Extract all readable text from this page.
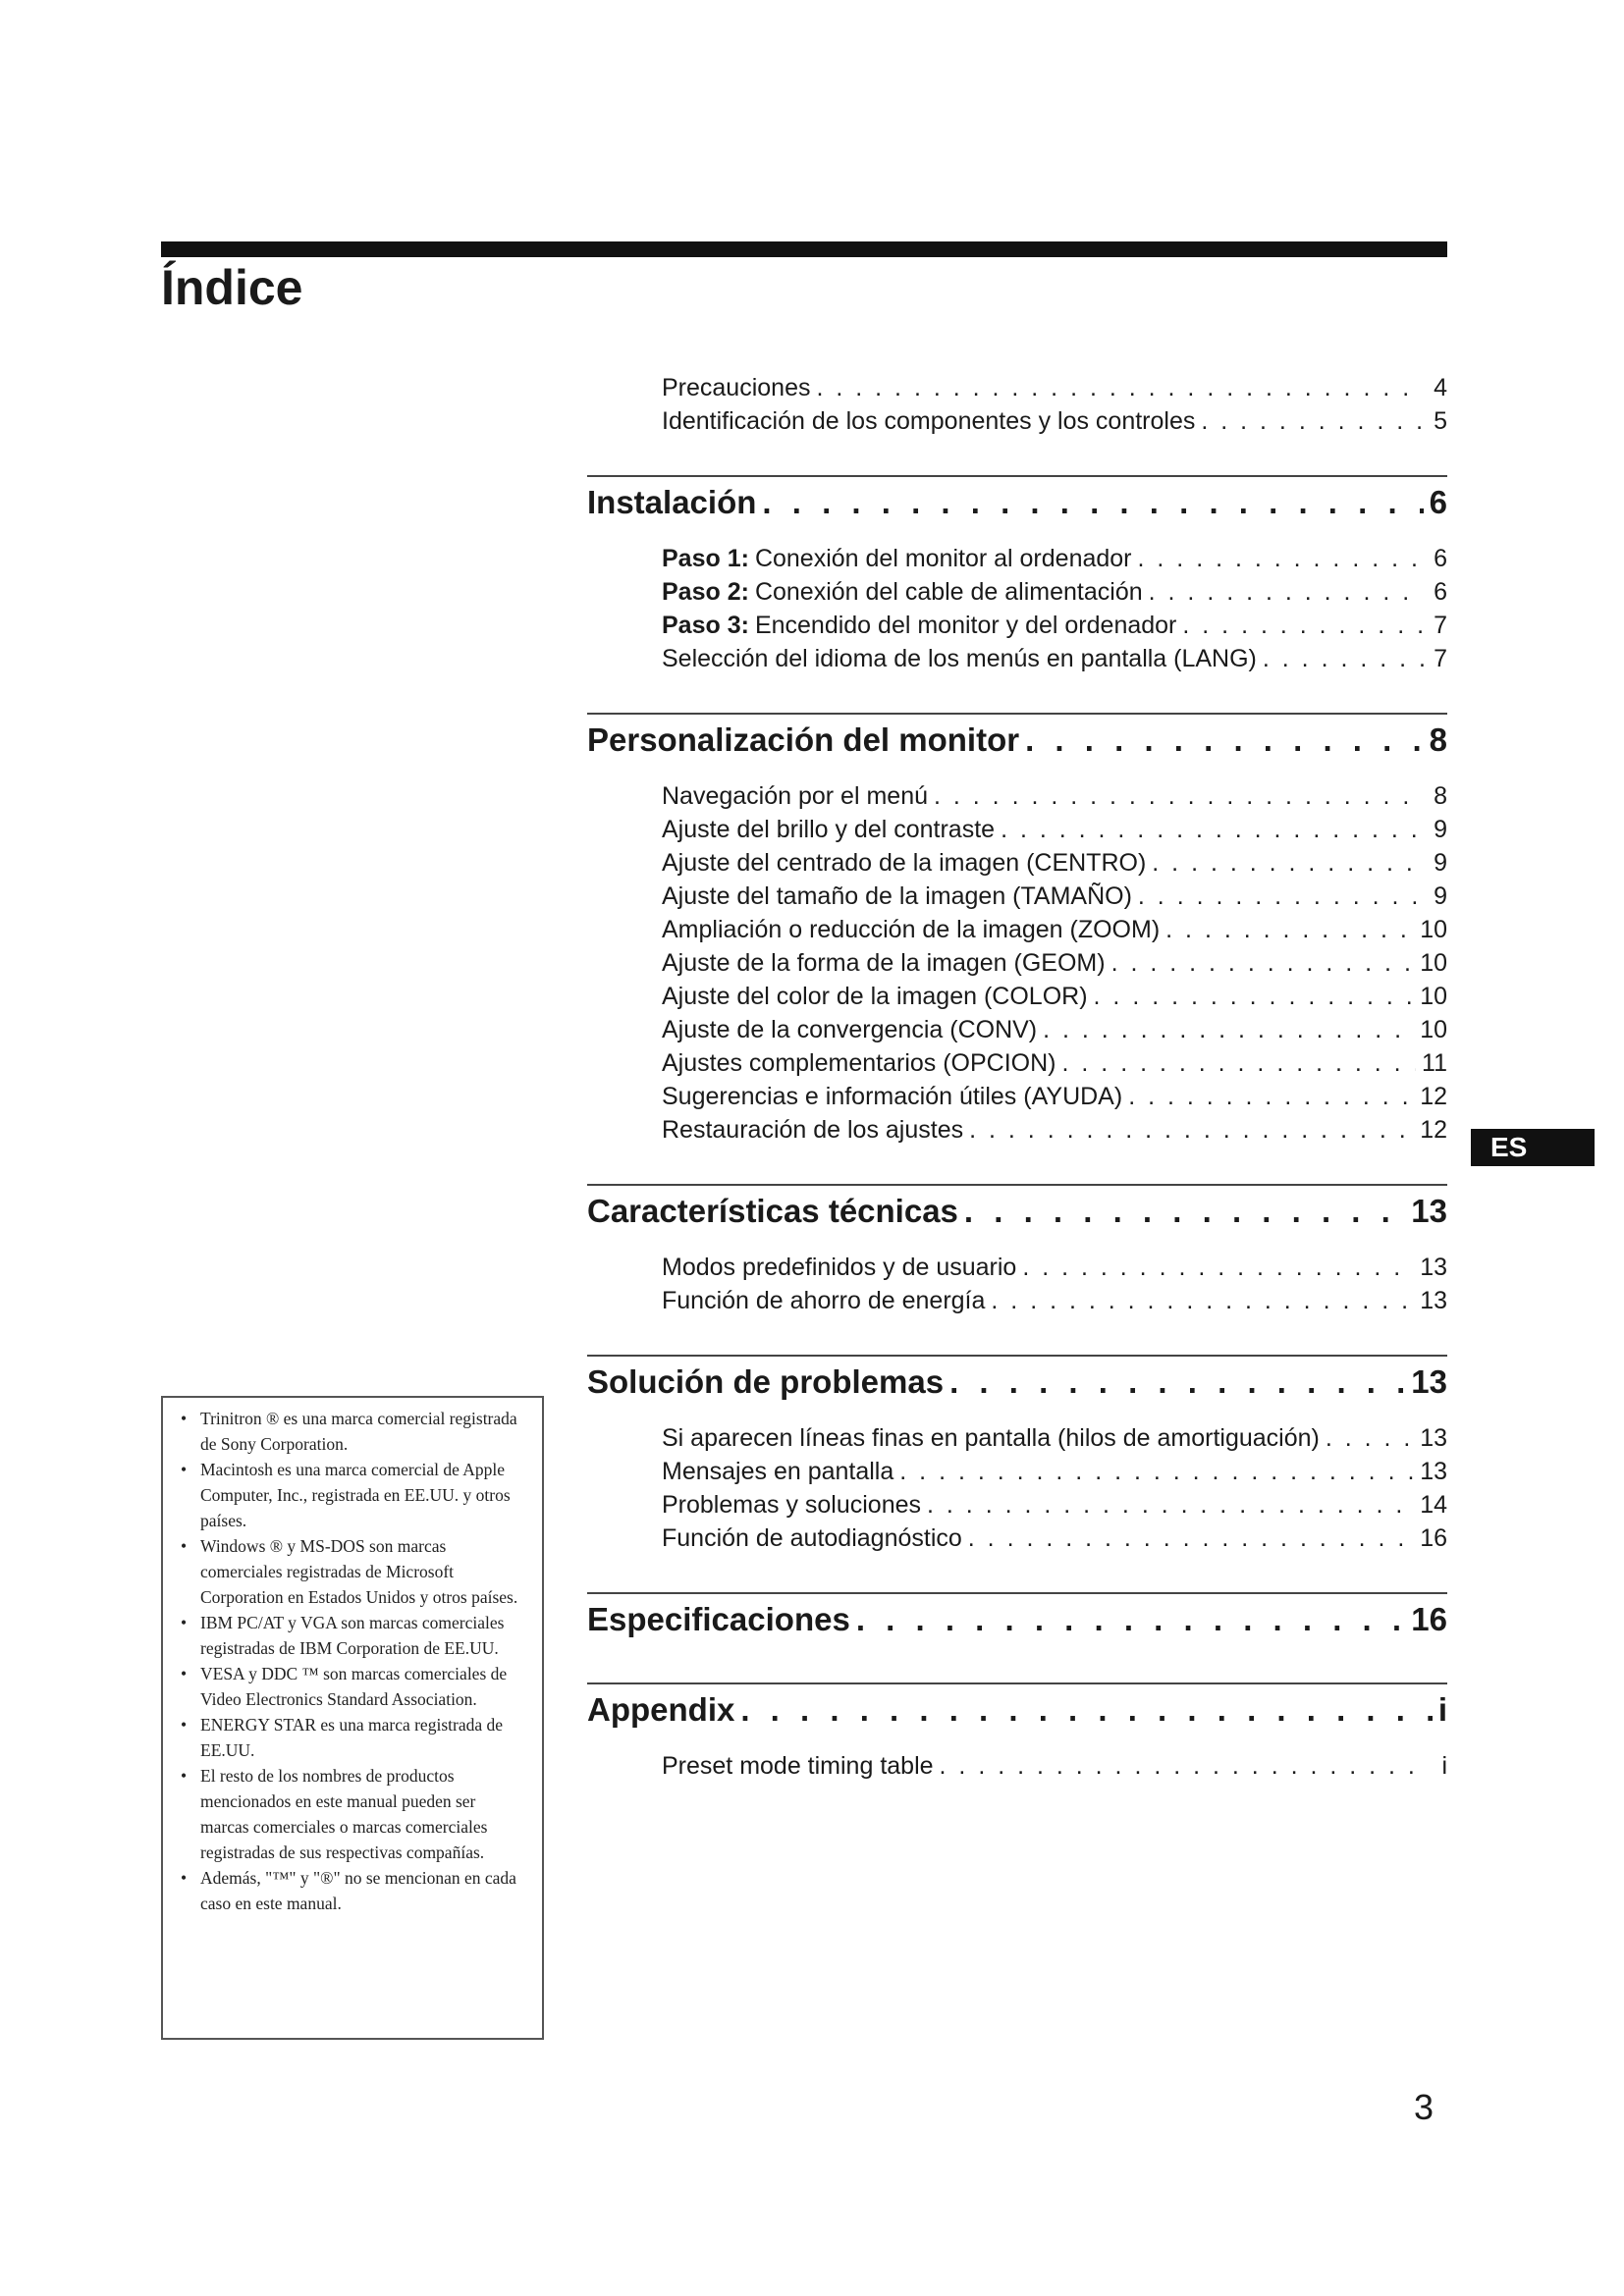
Índice
Precauciones . . .	4
Identificación de los componentes y los controles . . .	5
Instalación . . .	6
Paso 1: Conexión del monitor al ordenador . . .	6
Paso 2: Conexión del cable de alimentación . . .	6
Paso 3: Encendido del monitor y del ordenador . . .	7
Selección del idioma de los menús en pantalla (LANG) . . .	7
Personalización del monitor . . .	8
Navegación por el menú . . .	8
Ajuste del brillo y del contraste . . .	9
Ajuste del centrado de la imagen (CENTRO) . . .	9
Ajuste del tamaño de la imagen (TAMAÑO) . . .	9
Ampliación o reducción de la imagen (ZOOM) . . .	10
Ajuste de la forma de la imagen (GEOM) . . .	10
Ajuste del color de la imagen (COLOR) . . .	10
Ajuste de la convergencia (CONV) . . .	10
Ajustes complementarios (OPCION) . . .	11
Sugerencias e información útiles (AYUDA) . . .	12
Restauración de los ajustes . . .	12
Características técnicas . . .	13
Modos predefinidos y de usuario . . .	13
Función de ahorro de energía . . .	13
Solución de problemas . . .	13
Si aparecen líneas finas en pantalla (hilos de amortiguación) . . .	13
Mensajes en pantalla . . .	13
Problemas y soluciones . . .	14
Función de autodiagnóstico . . .	16
Especificaciones . . .	16
Appendix . . .	i
Preset mode timing table . . .	i
ES
• Trinitron ® es una marca comercial registrada de Sony Corporation.
• Macintosh es una marca comercial de Apple Computer, Inc., registrada en EE.UU. y otros países.
• Windows ® y MS-DOS son marcas comerciales registradas de Microsoft Corporation en Estados Unidos y otros países.
• IBM PC/AT y VGA son marcas comerciales registradas de IBM Corporation de EE.UU.
• VESA y DDC ™ son marcas comerciales de Video Electronics Standard Association.
• ENERGY STAR es una marca registrada de EE.UU.
• El resto de los nombres de productos mencionados en este manual pueden ser marcas comerciales o marcas comerciales registradas de sus respectivas compañías.
• Además, "™" y "®" no se mencionan en cada caso en este manual.
3
